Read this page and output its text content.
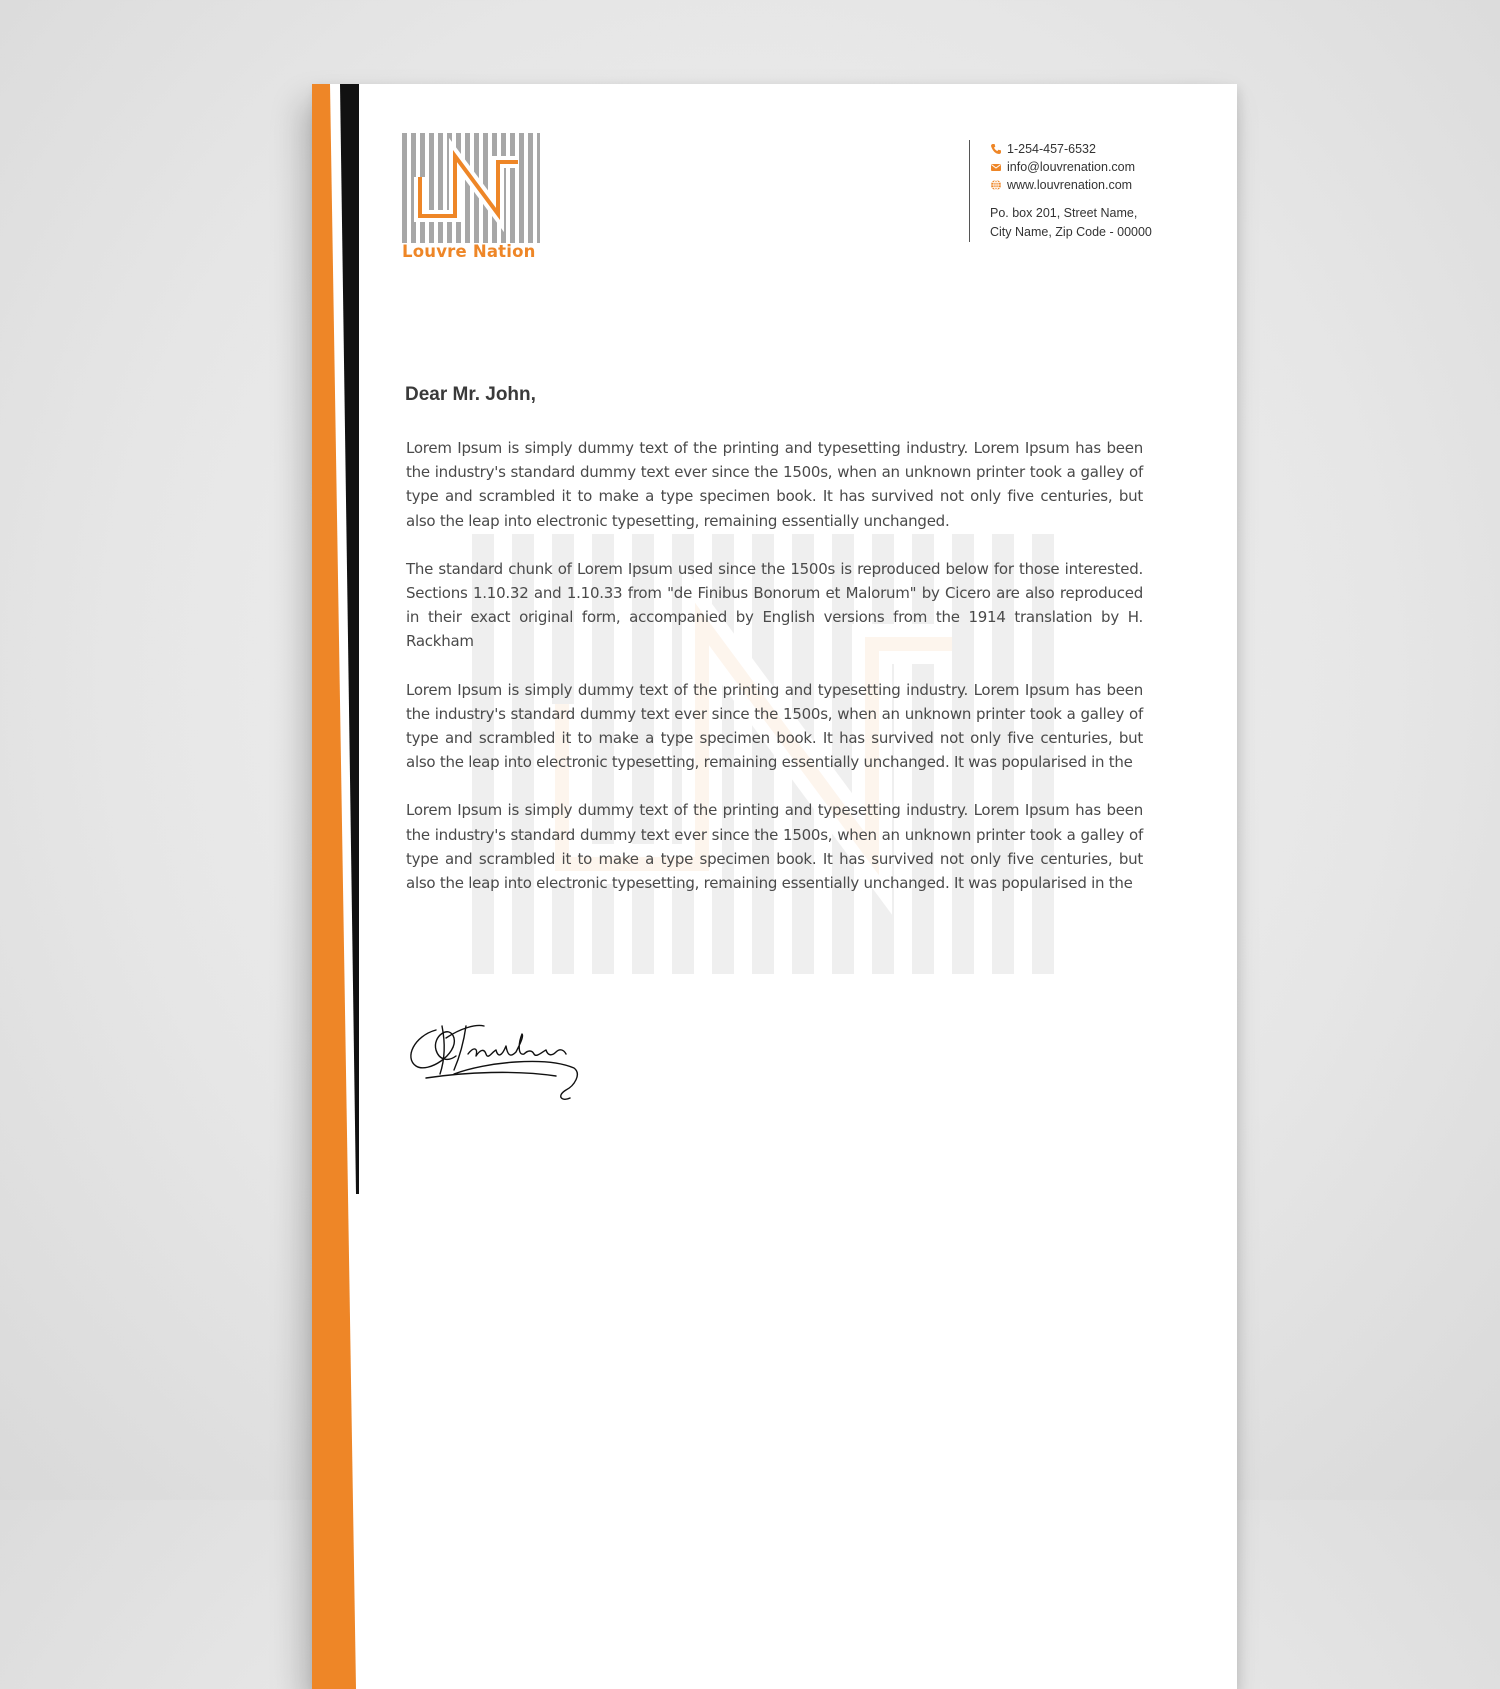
Louvre Nation
1-254-457-6532
info@louvrenation.com
www.louvrenation.com
Po. box 201, Street Name,
City Name, Zip Code - 00000
Dear Mr. John,

Lorem Ipsum is simply dummy text of the printing and typesetting industry. Lorem Ipsum has been the industry's standard dummy text ever since the 1500s, when an unknown printer took a galley of type and scrambled it to make a type specimen book. It has survived not only five centuries, but also the leap into electronic typesetting, remaining essentially unchanged.

The standard chunk of Lorem Ipsum used since the 1500s is reproduced below for those interested. Sections 1.10.32 and 1.10.33 from "de Finibus Bonorum et Malorum" by Cicero are also reproduced in their exact original form, accompanied by English versions from the 1914 translation by H. Rackham

Lorem Ipsum is simply dummy text of the printing and typesetting industry. Lorem Ipsum has been the industry's standard dummy text ever since the 1500s, when an unknown printer took a galley of type and scrambled it to make a type specimen book. It has survived not only five centuries, but also the leap into electronic typesetting, remaining essentially unchanged. It was popularised in the

Lorem Ipsum is simply dummy text of the printing and typesetting industry. Lorem Ipsum has been the industry's standard dummy text ever since the 1500s, when an unknown printer took a galley of type and scrambled it to make a type specimen book. It has survived not only five centuries, but also the leap into electronic typesetting, remaining essentially unchanged. It was popularised in the
